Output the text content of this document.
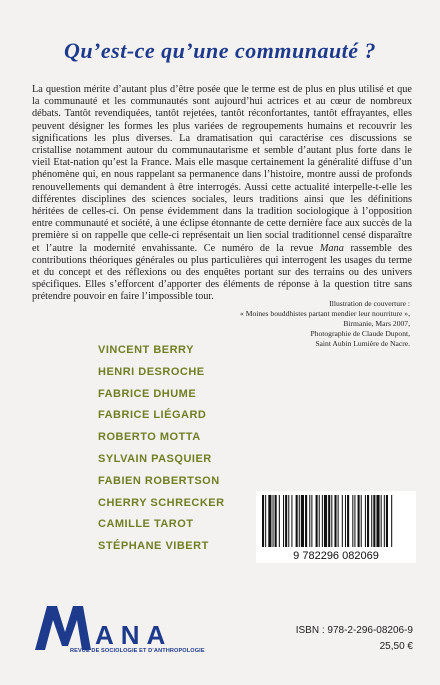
Qu’est-ce qu’une communauté ?

La question mérite d’autant plus d’être posée que le terme est de plus en plus utilisé et que la communauté et les communautés sont aujourd’hui actrices et au cœur de nombreux débats. Tantôt revendiquées, tantôt rejetées, tantôt réconfortantes, tantôt effrayantes, elles peuvent désigner les formes les plus variées de regroupements humains et recouvrir les significations les plus diverses. La dramatisation qui caractérise ces discussions se cristallise notamment autour du communautarisme et semble d’autant plus forte dans le vieil Etat-nation qu’est la France. Mais elle masque certainement la généralité diffuse d’un phénomène qui, en nous rappelant sa permanence dans l’histoire, montre aussi de profonds renouvellements qui demandent à être interrogés. Aussi cette actualité interpelle-t-elle les différentes disciplines des sciences sociales, leurs traditions ainsi que les définitions héritées de celles-ci. On pense évidemment dans la tradition sociologique à l’opposition entre communauté et société, à une éclipse étonnante de cette dernière face aux succès de la première si on rappelle que celle-ci représentait un lien social traditionnel censé disparaître et l’autre la modernité envahissante. Ce numéro de la revue Mana rassemble des contributions théoriques générales ou plus particulières qui interrogent les usages du terme et du concept et des réflexions ou des enquêtes portant sur des terrains ou des univers spécifiques. Elles s’efforcent d’apporter des éléments de réponse à la question titre sans prétendre pouvoir en faire l’impossible tour.

Illustration de couverture :
« Moines bouddhistes partant mendier leur nourriture »,
Birmanie, Mars 2007,
Photographie de Claude Dupont,
Saint Aubin Lumière de Nacre.
VINCENT BERRY
HENRI DESROCHE
FABRICE DHUME
FABRICE LIÉGARD
ROBERTO MOTTA
SYLVAIN PASQUIER
FABIEN ROBERTSON
CHERRY SCHRECKER
CAMILLE TAROT
STÉPHANE VIBERT
9 782296 082069
ANA
REVUE DE SOCIOLOGIE ET D’ANTHROPOLOGIE
ISBN : 978-2-296-08206-9
25,50 €
